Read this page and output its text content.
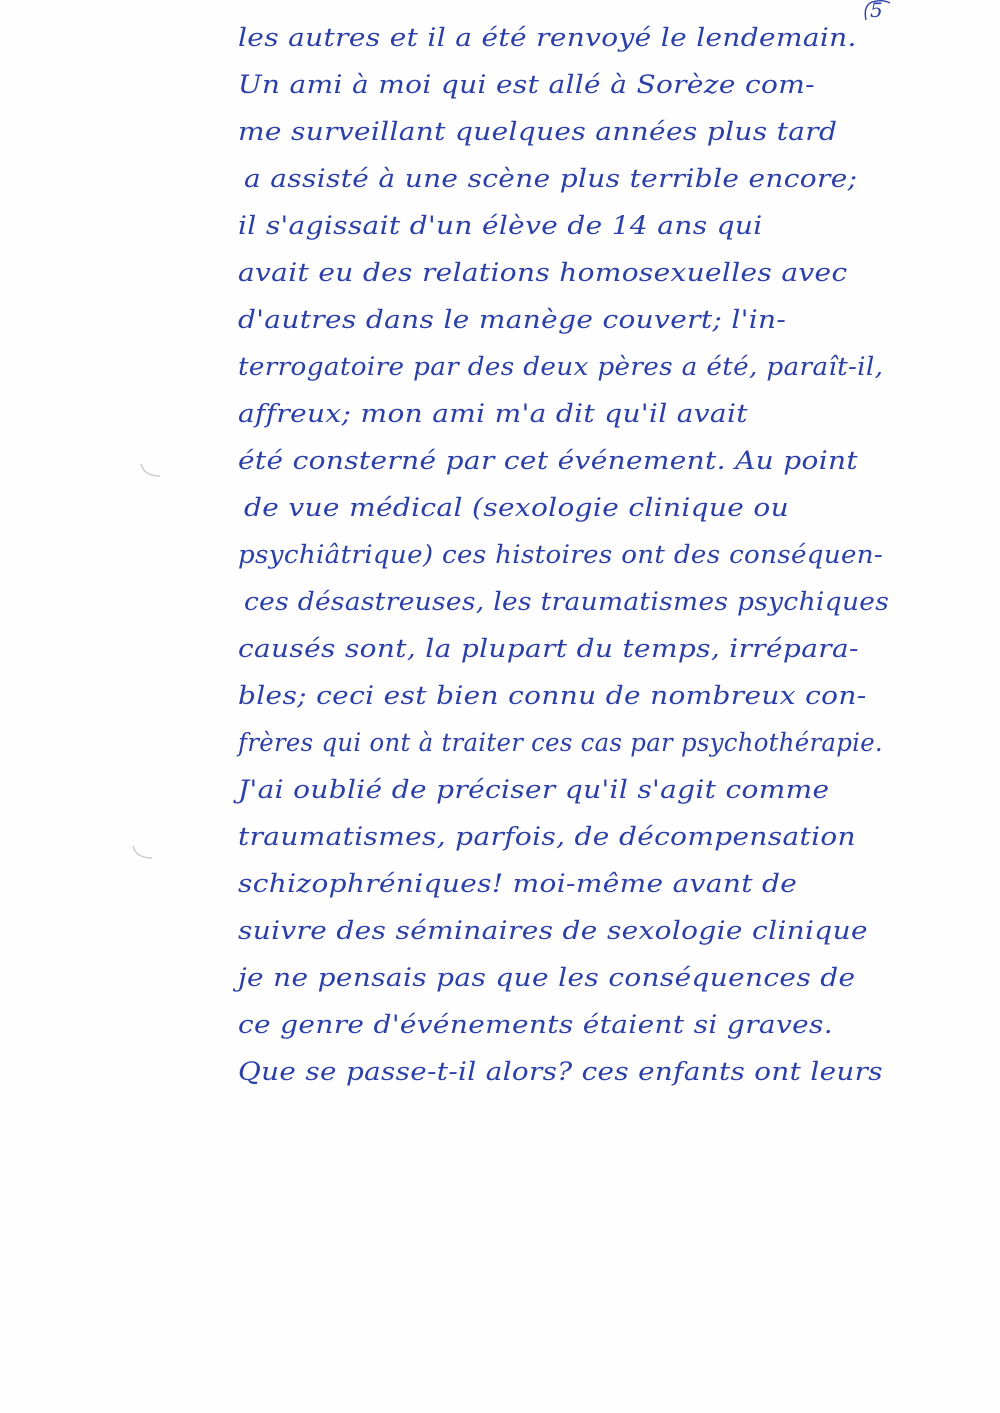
5
les autres et il a été renvoyé le lendemain.
Un ami à moi qui est allé à Sorèze com-
me surveillant quelques années plus tard
a assisté à une scène plus terrible encore;
il s'agissait d'un élève de 14 ans qui
avait eu des relations homosexuelles avec
d'autres dans le manège couvert; l'in-
terrogatoire par des deux pères a été, paraît-il,
affreux; mon ami m'a dit qu'il avait
été consterné par cet événement. Au point
de vue médical (sexologie clinique ou
psychiâtrique) ces histoires ont des conséquen-
ces désastreuses, les traumatismes psychiques
causés sont, la plupart du temps, irrépara-
bles; ceci est bien connu de nombreux con-
frères qui ont à traiter ces cas par psychothérapie.
J'ai oublié de préciser qu'il s'agit comme
traumatismes, parfois, de décompensation
schizophréniques! moi-même avant de
suivre des séminaires de sexologie clinique
je ne pensais pas que les conséquences de
ce genre d'événements étaient si graves.
Que se passe-t-il alors? ces enfants ont leurs
